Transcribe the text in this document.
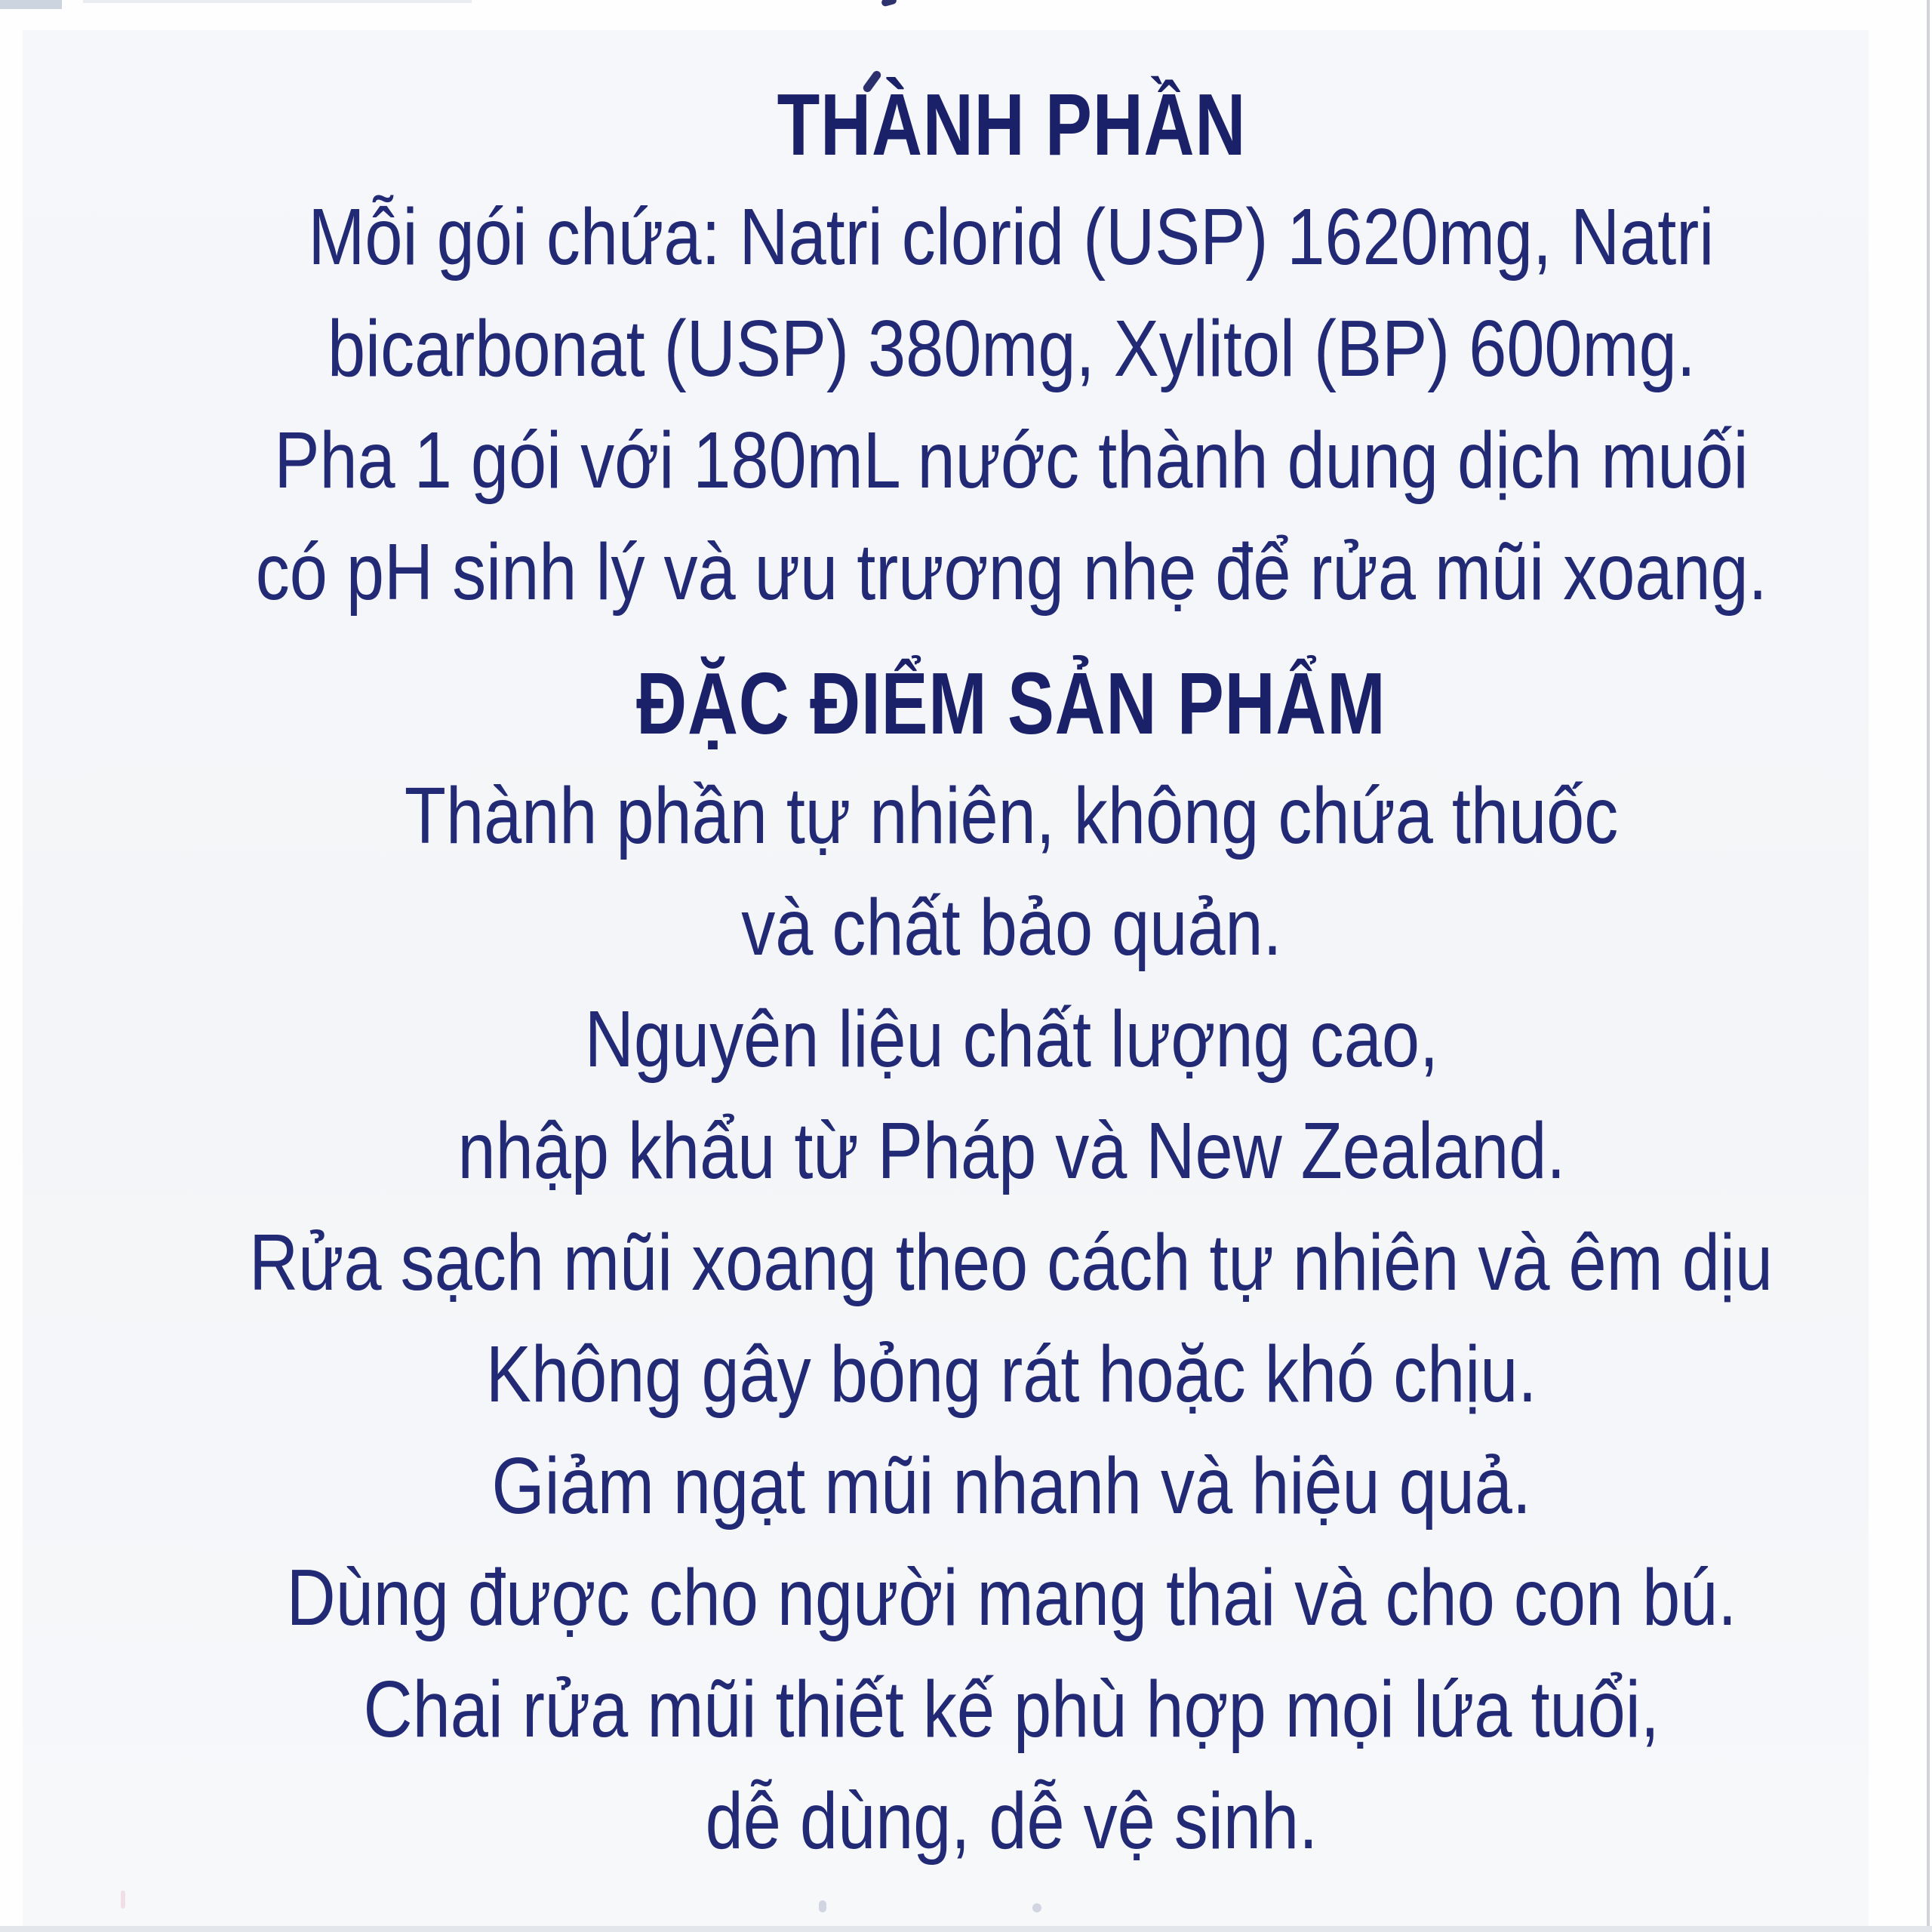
THÀNH PHẦN
Mỗi gói chứa: Natri clorid (USP) 1620mg, Natri
bicarbonat (USP) 380mg, Xylitol (BP) 600mg.
Pha 1 gói với 180mL nước thành dung dịch muối
có pH sinh lý và ưu trương nhẹ để rửa mũi xoang.
ĐẶC ĐIỂM SẢN PHẨM
Thành phần tự nhiên, không chứa thuốc
và chất bảo quản.
Nguyên liệu chất lượng cao,
nhập khẩu từ Pháp và New Zealand.
Rửa sạch mũi xoang theo cách tự nhiên và êm dịu
Không gây bỏng rát hoặc khó chịu.
Giảm ngạt mũi nhanh và hiệu quả.
Dùng được cho người mang thai và cho con bú.
Chai rửa mũi thiết kế phù hợp mọi lứa tuổi,
dễ dùng, dễ vệ sinh.
